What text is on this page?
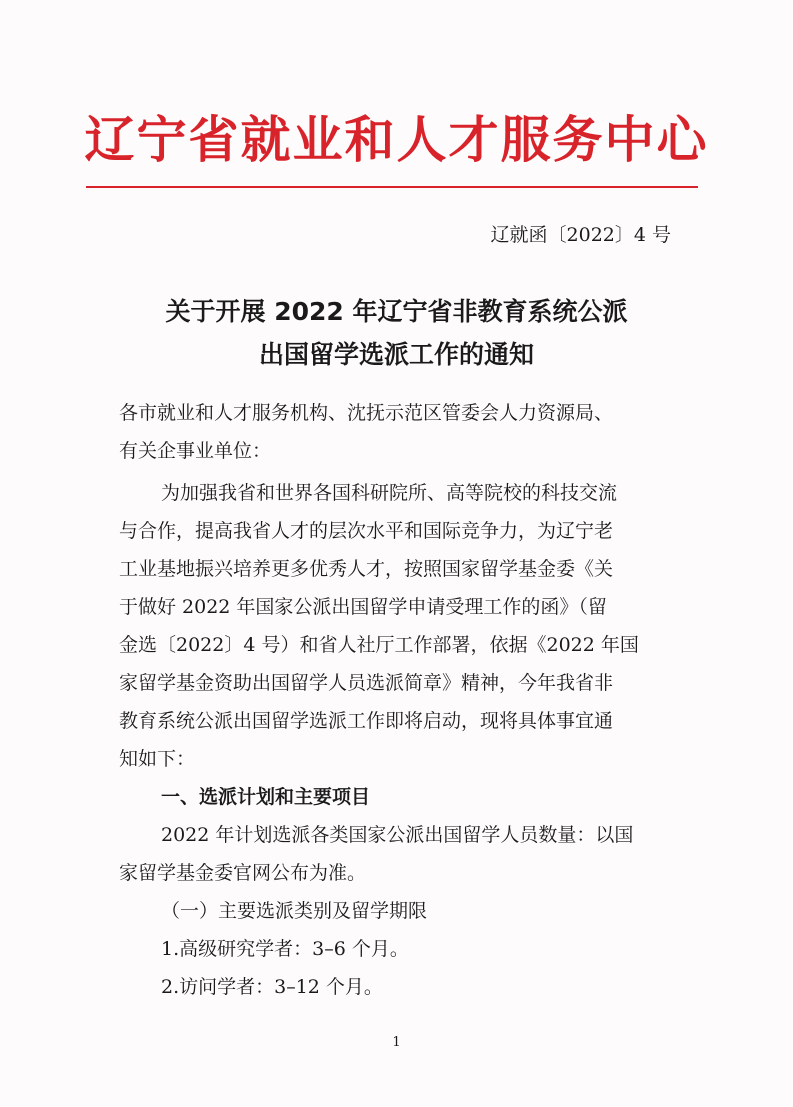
辽宁省就业和人才服务中心
辽就函〔2022〕4 号
关于开展 2022 年辽宁省非教育系统公派
出国留学选派工作的通知
各市就业和人才服务机构、沈抚示范区管委会人力资源局、
有关企事业单位：
为加强我省和世界各国科研院所、高等院校的科技交流
与合作，提高我省人才的层次水平和国际竞争力，为辽宁老
工业基地振兴培养更多优秀人才，按照国家留学基金委《关
于做好 2022 年国家公派出国留学申请受理工作的函》（留
金选〔2022〕4 号）和省人社厅工作部署，依据《2022 年国
家留学基金资助出国留学人员选派简章》精神，今年我省非
教育系统公派出国留学选派工作即将启动，现将具体事宜通
知如下：
一、选派计划和主要项目
2022 年计划选派各类国家公派出国留学人员数量：以国
家留学基金委官网公布为准。
（一）主要选派类别及留学期限
1.高级研究学者：3–6 个月。
2.访问学者：3–12 个月。
1
